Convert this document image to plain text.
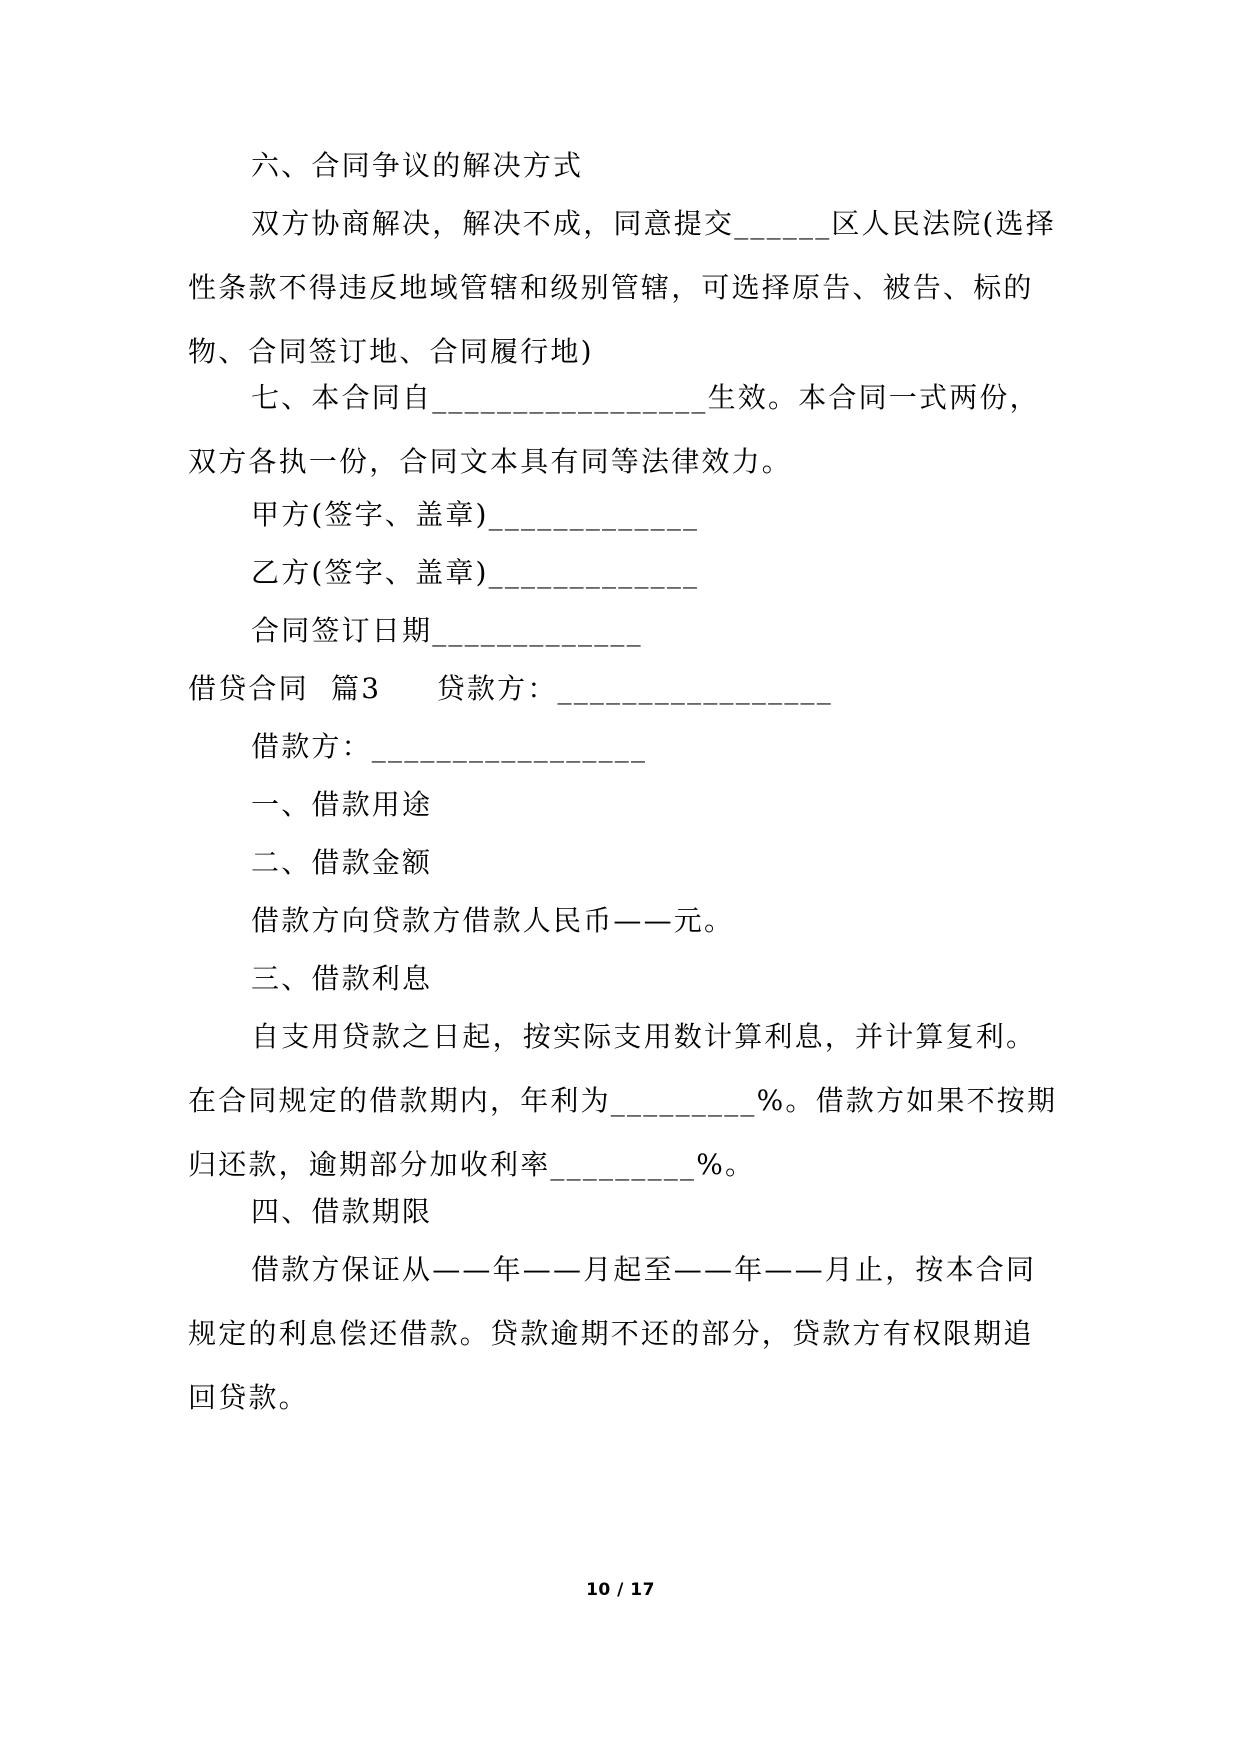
六、合同争议的解决方式

双方协商解决，解决不成，同意提交______区人民法院(选择性条款不得违反地域管辖和级别管辖，可选择原告、被告、标的物、合同签订地、合同履行地)

七、本合同自_________________生效。本合同一式两份，双方各执一份，合同文本具有同等法律效力。

甲方(签字、盖章)_____________

乙方(签字、盖章)_____________

合同签订日期_____________

借贷合同  篇3     贷款方：_________________

借款方：_________________

一、借款用途

二、借款金额

借款方向贷款方借款人民币——元。

三、借款利息

自支用贷款之日起，按实际支用数计算利息，并计算复利。在合同规定的借款期内，年利为_________%。借款方如果不按期归还款，逾期部分加收利率_________%。

四、借款期限

借款方保证从——年——月起至——年——月止，按本合同规定的利息偿还借款。贷款逾期不还的部分，贷款方有权限期追回贷款。

10 / 17
